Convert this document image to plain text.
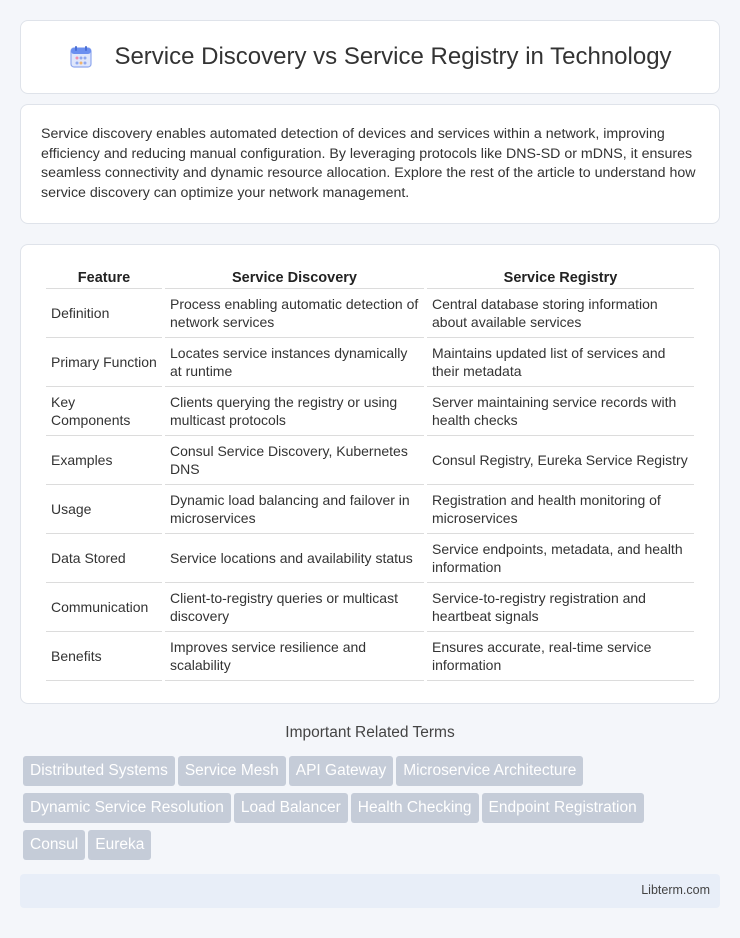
Service Discovery vs Service Registry in Technology

Service discovery enables automated detection of devices and services within a network, improving efficiency and reducing manual configuration. By leveraging protocols like DNS-SD or mDNS, it ensures seamless connectivity and dynamic resource allocation. Explore the rest of the article to understand how service discovery can optimize your network management.

Feature	Service Discovery	Service Registry
Definition	Process enabling automatic detection of network services	Central database storing information about available services
Primary Function	Locates service instances dynamically at runtime	Maintains updated list of services and their metadata
Key Components	Clients querying the registry or using multicast protocols	Server maintaining service records with health checks
Examples	Consul Service Discovery, Kubernetes DNS	Consul Registry, Eureka Service Registry
Usage	Dynamic load balancing and failover in microservices	Registration and health monitoring of microservices
Data Stored	Service locations and availability status	Service endpoints, metadata, and health information
Communication	Client-to-registry queries or multicast discovery	Service-to-registry registration and heartbeat signals
Benefits	Improves service resilience and scalability	Ensures accurate, real-time service information
Important Related Terms
Distributed Systems Service Mesh API Gateway Microservice ArchitectureDynamic Service Resolution Load Balancer Health Checking Endpoint RegistrationConsul Eureka
Libterm.com
